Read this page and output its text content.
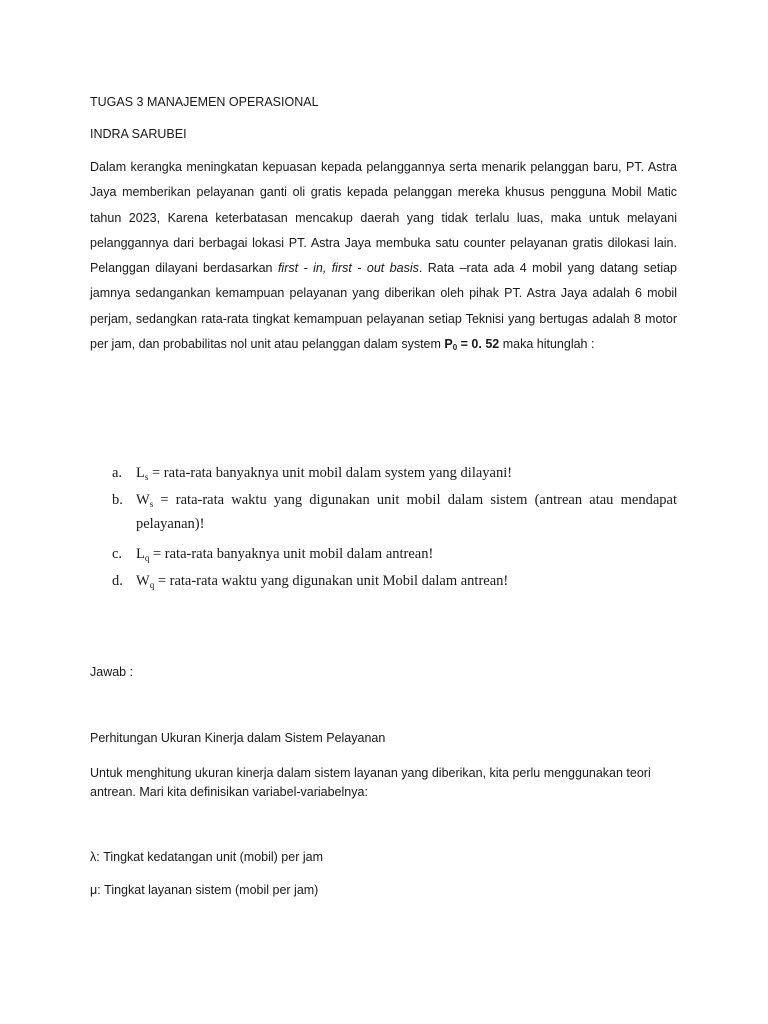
TUGAS 3 MANAJEMEN OPERASIONAL
INDRA SARUBEI
Dalam kerangka meningkatan kepuasan kepada pelanggannya serta menarik pelanggan baru, PT. Astra
Jaya memberikan pelayanan ganti oli gratis kepada pelanggan mereka khusus pengguna Mobil Matic
tahun 2023, Karena keterbatasan mencakup daerah yang tidak terlalu luas, maka untuk melayani
pelanggannya dari berbagai lokasi PT. Astra Jaya membuka satu counter pelayanan gratis dilokasi lain.
Pelanggan dilayani berdasarkan first - in, first - out basis. Rata –rata ada 4 mobil yang datang setiap
jamnya sedangankan kemampuan pelayanan yang diberikan oleh pihak PT. Astra Jaya adalah 6 mobil
perjam, sedangkan rata-rata tingkat kemampuan pelayanan setiap Teknisi yang bertugas adalah 8 motor
per jam, dan probabilitas nol unit atau pelanggan dalam system $P_0 = 0$. 52 maka hitunglah :
a. $L_s$ = rata-rata banyaknya unit mobil dalam system yang dilayani!
b. $W_s$ = rata-rata waktu yang digunakan unit mobil dalam sistem (antrean atau mendapat
pelayanan)!
c. $L_q$ = rata-rata banyaknya unit mobil dalam antrean!
d. $W_q$ = rata-rata waktu yang digunakan unit Mobil dalam antrean!
Jawab :
Perhitungan Ukuran Kinerja dalam Sistem Pelayanan
Untuk menghitung ukuran kinerja dalam sistem layanan yang diberikan, kita perlu menggunakan teori
antrean. Mari kita definisikan variabel-variabelnya:
λ: Tingkat kedatangan unit (mobil) per jam
μ: Tingkat layanan sistem (mobil per jam)
